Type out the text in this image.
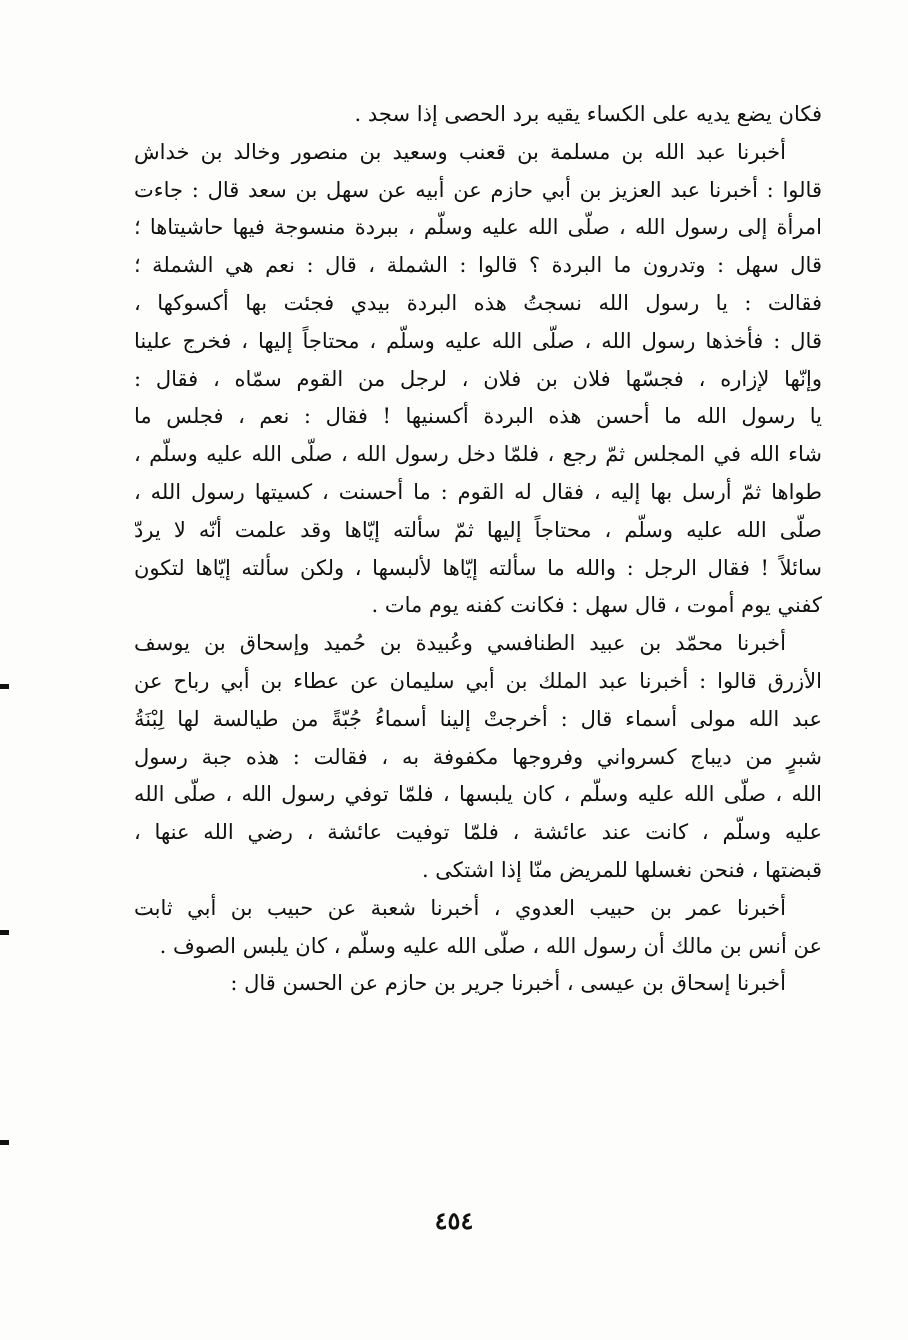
فكان يضع يديه على الكساء يقيه برد الحصى إذا سجد .
أخبرنا عبد الله بن مسلمة بن قعنب وسعيد بن منصور وخالد بن خداش
قالوا : أخبرنا عبد العزيز بن أبي حازم عن أبيه عن سهل بن سعد قال : جاءت
امرأة إلى رسول الله ، صلّى الله عليه وسلّم ، ببردة منسوجة فيها حاشيتاها ؛
قال سهل : وتدرون ما البردة ؟ قالوا : الشملة ، قال : نعم هي الشملة ؛
فقالت : يا رسول الله نسجتُ هذه البردة بيدي فجئت بها أكسوكها ،
قال : فأخذها رسول الله ، صلّى الله عليه وسلّم ، محتاجاً إليها ، فخرج علينا
وإنّها لإزاره ، فجسّها فلان بن فلان ، لرجل من القوم سمّاه ، فقال :
يا رسول الله ما أحسن هذه البردة أكسنيها ! فقال : نعم ، فجلس ما
شاء الله في المجلس ثمّ رجع ، فلمّا دخل رسول الله ، صلّى الله عليه وسلّم ،
طواها ثمّ أرسل بها إليه ، فقال له القوم : ما أحسنت ، كسيتها رسول الله ،
صلّى الله عليه وسلّم ، محتاجاً إليها ثمّ سألته إيّاها وقد علمت أنّه لا يردّ
سائلاً ! فقال الرجل : والله ما سألته إيّاها لألبسها ، ولكن سألته إيّاها لتكون
كفني يوم أموت ، قال سهل : فكانت كفنه يوم مات .
أخبرنا محمّد بن عبيد الطنافسي وعُبيدة بن حُميد وإسحاق بن يوسف
الأزرق قالوا : أخبرنا عبد الملك بن أبي سليمان عن عطاء بن أبي رباح عن
عبد الله مولى أسماء قال : أخرجتْ إلينا أسماءُ جُبّةً من طيالسة لها لِبْنَةُ
شبرٍ من ديباج كسرواني وفروجها مكفوفة به ، فقالت : هذه جبة رسول
الله ، صلّى الله عليه وسلّم ، كان يلبسها ، فلمّا توفي رسول الله ، صلّى الله
عليه وسلّم ، كانت عند عائشة ، فلمّا توفيت عائشة ، رضي الله عنها ،
قبضتها ، فنحن نغسلها للمريض منّا إذا اشتكى .
أخبرنا عمر بن حبيب العدوي ، أخبرنا شعبة عن حبيب بن أبي ثابت
عن أنس بن مالك أن رسول الله ، صلّى الله عليه وسلّم ، كان يلبس الصوف .
أخبرنا إسحاق بن عيسى ، أخبرنا جرير بن حازم عن الحسن قال :
٤٥٤
